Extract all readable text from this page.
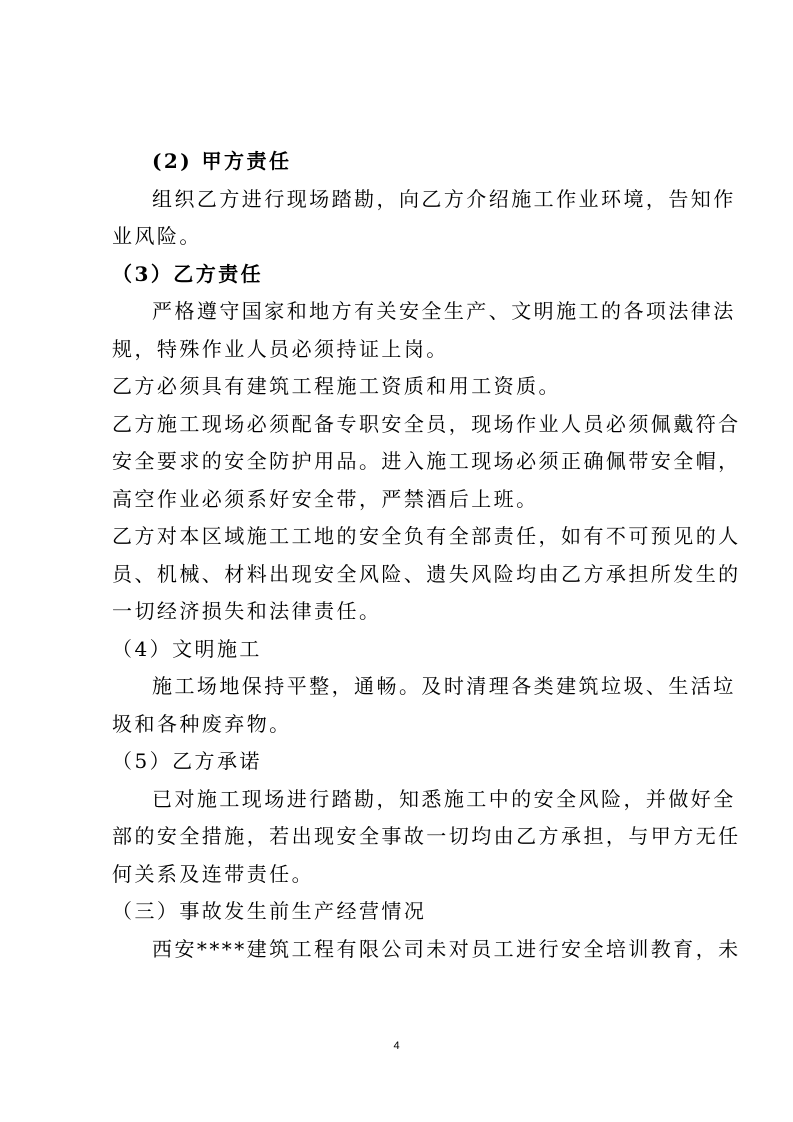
(2) 甲方责任

组织乙方进行现场踏勘，向乙方介绍施工作业环境，告知作

业风险。

（3）乙方责任

严格遵守国家和地方有关安全生产、文明施工的各项法律法

规，特殊作业人员必须持证上岗。

乙方必须具有建筑工程施工资质和用工资质。

乙方施工现场必须配备专职安全员，现场作业人员必须佩戴符合

安全要求的安全防护用品。进入施工现场必须正确佩带安全帽，

高空作业必须系好安全带，严禁酒后上班。

乙方对本区域施工工地的安全负有全部责任，如有不可预见的人

员、机械、材料出现安全风险、遗失风险均由乙方承担所发生的

一切经济损失和法律责任。

（4）文明施工

施工场地保持平整，通畅。及时清理各类建筑垃圾、生活垃

圾和各种废弃物。

（5）乙方承诺

已对施工现场进行踏勘，知悉施工中的安全风险，并做好全

部的安全措施，若出现安全事故一切均由乙方承担，与甲方无任

何关系及连带责任。

（三）事故发生前生产经营情况

西安****建筑工程有限公司未对员工进行安全培训教育，未

4
